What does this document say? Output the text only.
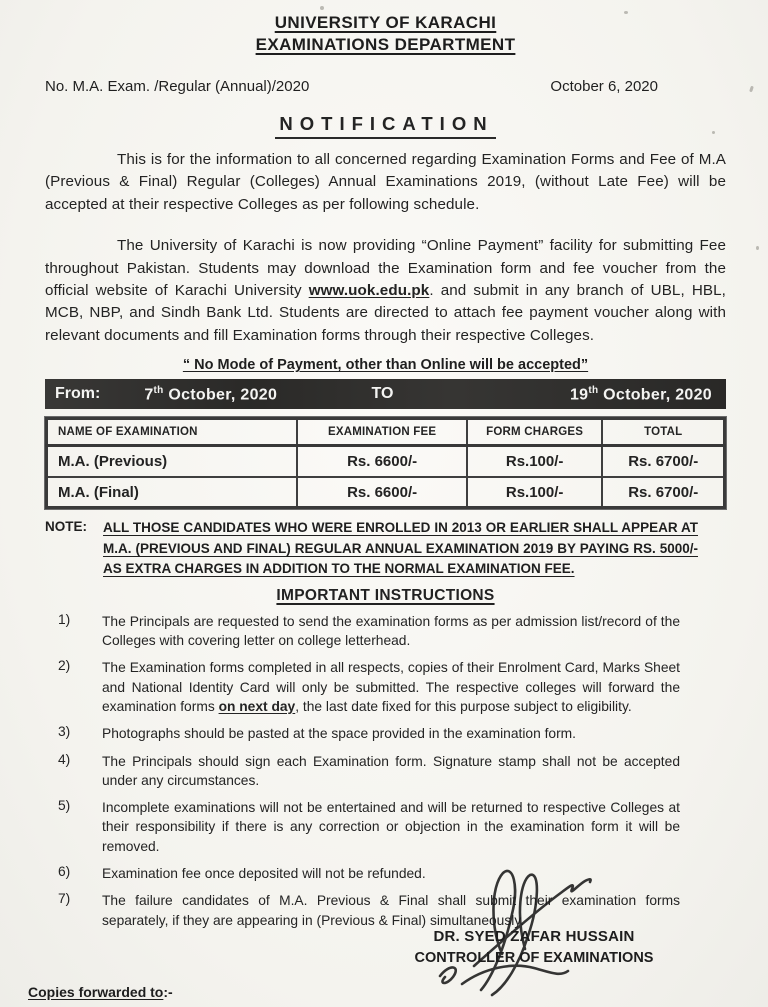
UNIVERSITY OF KARACHI
EXAMINATIONS DEPARTMENT
No. M.A. Exam. /Regular (Annual)/2020	October 6, 2020
NOTIFICATION

This is for the information to all concerned regarding Examination Forms and Fee of M.A (Previous & Final) Regular (Colleges) Annual Examinations 2019, (without Late Fee) will be accepted at their respective Colleges as per following schedule.

The University of Karachi is now providing “Online Payment” facility for submitting Fee throughout Pakistan. Students may download the Examination form and fee voucher from the official website of Karachi University www.uok.edu.pk. and submit in any branch of UBL, HBL, MCB, NBP, and Sindh Bank Ltd. Students are directed to attach fee payment voucher along with relevant documents and fill Examination forms through their respective Colleges.

“ No Mode of Payment, other than Online will be accepted”
From:	7th October, 2020	TO	19th October, 2020
NAME OF EXAMINATION	EXAMINATION FEE	FORM CHARGES	TOTAL
M.A. (Previous)	Rs. 6600/-	Rs.100/-	Rs. 6700/-
M.A. (Final)	Rs. 6600/-	Rs.100/-	Rs. 6700/-
NOTE:	ALL THOSE CANDIDATES WHO WERE ENROLLED IN 2013 OR EARLIER SHALL APPEAR AT M.A. (PREVIOUS AND FINAL) REGULAR ANNUAL EXAMINATION 2019 BY PAYING RS. 5000/- AS EXTRA CHARGES IN ADDITION TO THE NORMAL EXAMINATION FEE.
IMPORTANT INSTRUCTIONS
1)	The Principals are requested to send the examination forms as per admission list/record of the Colleges with covering letter on college letterhead.
2)	The Examination forms completed in all respects, copies of their Enrolment Card, Marks Sheet and National Identity Card will only be submitted. The respective colleges will forward the examination forms on next day, the last date fixed for this purpose subject to eligibility.
3)	Photographs should be pasted at the space provided in the examination form.
4)	The Principals should sign each Examination form. Signature stamp shall not be accepted under any circumstances.
5)	Incomplete examinations will not be entertained and will be returned to respective Colleges at their responsibility if there is any correction or objection in the examination form it will be removed.
6)	Examination fee once deposited will not be refunded.
7)	The failure candidates of M.A. Previous & Final shall submit their examination forms separately, if they are appearing in (Previous & Final) simultaneously.
DR. SYED ZAFAR HUSSAIN
CONTROLLER OF EXAMINATIONS
Copies forwarded to:-
